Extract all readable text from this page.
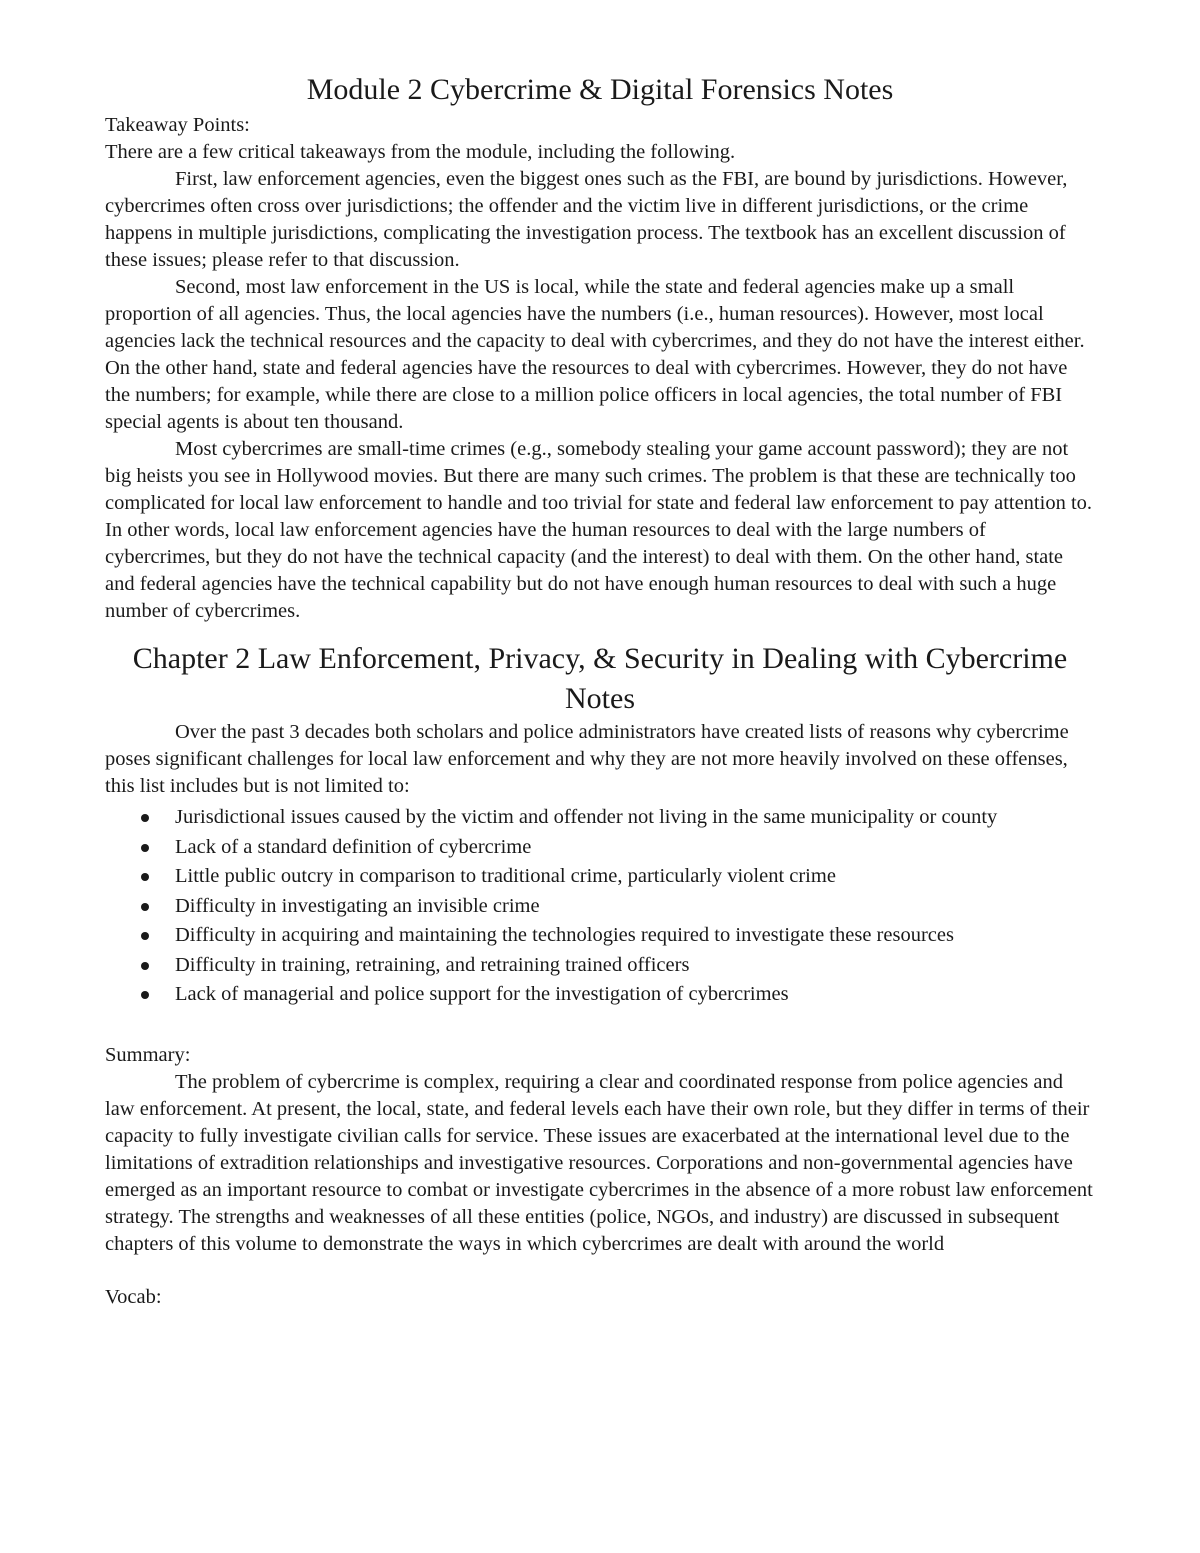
Module 2 Cybercrime & Digital Forensics Notes

Takeaway Points:

There are a few critical takeaways from the module, including the following.

First, law enforcement agencies, even the biggest ones such as the FBI, are bound by jurisdictions. However, cybercrimes often cross over jurisdictions; the offender and the victim live in different jurisdictions, or the crime happens in multiple jurisdictions, complicating the investigation process. The textbook has an excellent discussion of these issues; please refer to that discussion.

Second, most law enforcement in the US is local, while the state and federal agencies make up a small proportion of all agencies. Thus, the local agencies have the numbers (i.e., human resources). However, most local agencies lack the technical resources and the capacity to deal with cybercrimes, and they do not have the interest either. On the other hand, state and federal agencies have the resources to deal with cybercrimes. However, they do not have the numbers; for example, while there are close to a million police officers in local agencies, the total number of FBI special agents is about ten thousand.

Most cybercrimes are small-time crimes (e.g., somebody stealing your game account password); they are not big heists you see in Hollywood movies. But there are many such crimes. The problem is that these are technically too complicated for local law enforcement to handle and too trivial for state and federal law enforcement to pay attention to. In other words, local law enforcement agencies have the human resources to deal with the large numbers of cybercrimes, but they do not have the technical capacity (and the interest) to deal with them. On the other hand, state and federal agencies have the technical capability but do not have enough human resources to deal with such a huge number of cybercrimes.

Chapter 2 Law Enforcement, Privacy, & Security in Dealing with Cybercrime Notes

Over the past 3 decades both scholars and police administrators have created lists of reasons why cybercrime poses significant challenges for local law enforcement and why they are not more heavily involved on these offenses, this list includes but is not limited to:

Jurisdictional issues caused by the victim and offender not living in the same municipality or county
Lack of a standard definition of cybercrime
Little public outcry in comparison to traditional crime, particularly violent crime
Difficulty in investigating an invisible crime
Difficulty in acquiring and maintaining the technologies required to investigate these resources
Difficulty in training, retraining, and retraining trained officers
Lack of managerial and police support for the investigation of cybercrimes

Summary:

The problem of cybercrime is complex, requiring a clear and coordinated response from police agencies and law enforcement. At present, the local, state, and federal levels each have their own role, but they differ in terms of their capacity to fully investigate civilian calls for service. These issues are exacerbated at the international level due to the limitations of extradition relationships and investigative resources. Corporations and non-governmental agencies have emerged as an important resource to combat or investigate cybercrimes in the absence of a more robust law enforcement strategy. The strengths and weaknesses of all these entities (police, NGOs, and industry) are discussed in subsequent chapters of this volume to demonstrate the ways in which cybercrimes are dealt with around the world

Vocab:
